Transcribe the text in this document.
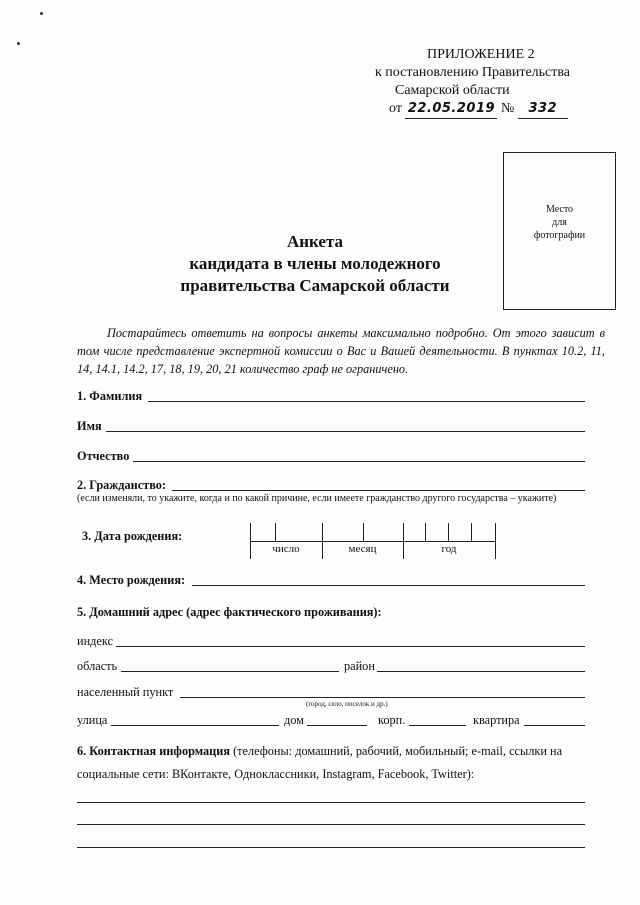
ПРИЛОЖЕНИЕ 2
к постановлению Правительства
Самарской области
от 22.05.2019 № 332
Место
для
фотографии
Анкета
кандидата в члены молодежного
правительства Самарской области
Постарайтесь ответить на вопросы анкеты максимально подробно. От этого зависит в том числе представление экспертной комиссии о Вас и Вашей деятельности. В пунктах 10.2, 11, 14, 14.1, 14.2, 17, 18, 19, 20, 21 количество граф не ограничено.
1. Фамилия
Имя
Отчество
2. Гражданство:
(если изменяли, то укажите, когда и по какой причине, если имеете гражданство другого государства – укажите)
3. Дата рождения:
число	месяц	год
4. Место рождения:
5. Домашний адрес (адрес фактического проживания):
индекс
область	район
населенный пункт
(город, село, поселок и др.)
улица	дом	корп.	квартира
6. Контактная информация (телефоны: домашний, рабочий, мобильный; e-mail, ссылки на
социальные сети: ВКонтакте, Одноклассники, Instagram, Facebook, Twitter):
